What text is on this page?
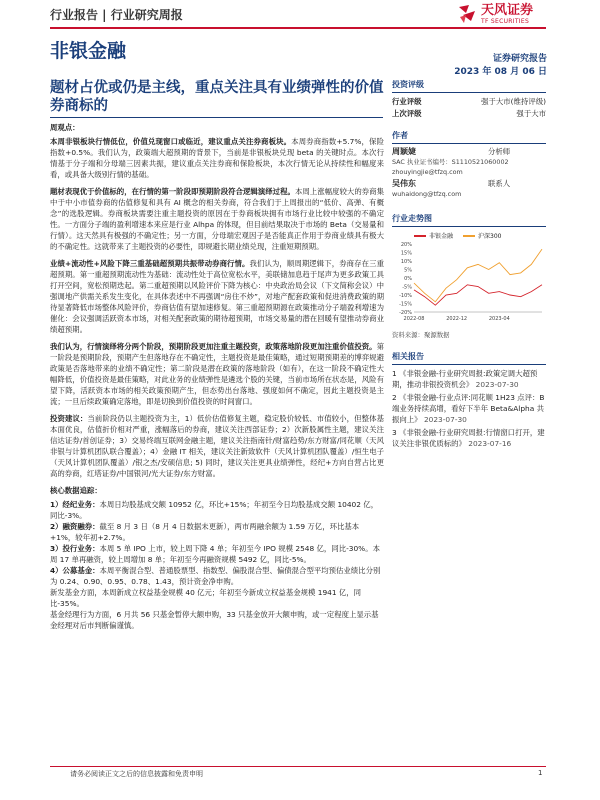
行业报告 | 行业研究周报	天风证券
TF SECURITIES
非银金融	证券研究报告
2023 年 08 月 06 日
题材占优或仍是主线，重点关注具有业绩弹性的价值券商标的

周观点：

本周非银板块行情低位，价值兑现窗口或临近，建议重点关注券商板块。本周券商指数+5.7%，保险指数+0.5%。我们认为，政策端大超预期的背景下，当前是非银板块兑现 beta 的关键时点。本次行情基于分子端和分母端三因素共振，建议重点关注券商和保险板块，本次行情无论从持续性和幅度来看，或具备大级别行情的基础。

题材表现优于价值标的，在行情的第一阶段即预期阶段符合逻辑演绎过程。本周上涨幅度较大的券商集中于中小市值券商的估值修复和具有 AI 概念的相关券商，符合我们于上周报出的“低价、高弹、有概念”的选股逻辑。券商板块需要注重主题投资的原因在于券商板块拥有市场行业比较中较强的不确定性。一方面分子端的盈利增速本来应是行业 Alhpa 的体现，但目前结果取决于市场的 Beta（交易量和行情）。这天然具有极强的不确定性；另一方面，分母端宏观因子是否能真正作用于券商业绩具有极大的不确定性。这就带来了主题投资的必要性，即规避长期业绩兑现，注重短期预期。

业绩+流动性+风险下降三重基础超预期共振带动券商行情。我们认为，顺周期逻辑下，券商存在三重超预期。第一重超预期流动性为基础：流动性处于高位宽松水平，美联储加息趋于尾声为更多政策工具打开空间，宽松预期迭起。第二重超预期以风险评价下降为核心：中央政治局会议（下文简称会议）中强调地产供需关系发生变化，在具体表述中不再强调“房住不炒”，对地产配套政策和促进消费政策的期待显著降低市场整体风险评价，券商估值有望加速修复。第三重超预期源在政策推动分子端盈利增速为催化：会议强调活跃资本市场，对相关配套政策的期待超预期，市场交易量的潜在回暖有望推动券商业绩超预期。

我们认为，行情演绎将分两个阶段，预期阶段更加注重主题投资，政策落地阶段更加注重价值投资。第一阶段是预期阶段，预期产生但落地存在不确定性，主题投资是最佳策略，通过短期预期差的博弈规避政策是否落地带来的业绩不确定性；第二阶段是潜在政策的落地阶段（如有），在这一阶段不确定性大幅降低，价值投资是最佳策略，对此业务的业绩弹性是遴选个股的关键，当前市场所在状态是，风险有望下降，活跃资本市场的相关政策预期产生，但态势出台落地、强度如何不确定，因此主题投资是主流；一旦后续政策确定落地，即是切换到价值投资的时间窗口。

投资建议：当前阶段仍以主题投资为主，1）低价估值修复主题，稳定股价较低、市值较小，但整体基本面优良，估值折价相对严重，涨幅落后的券商，建议关注西部证券；2）次新股属性主题，建议关注信达证券/首创证券；3）交易终端互联网金融主题，建议关注指南针/财富趋势/东方财富/同花顺（天风非银与计算机团队联合覆盖）；4）金融 IT 相关，建议关注新致软件（天风计算机团队覆盖）/恒生电子（天风计算机团队覆盖）/银之杰/安硕信息; 5) 同时，建议关注更具业绩弹性，经纪+方向自营占比更高的券商，红塔证券/中国银河/光大证券/东方财富。

核心数据追踪：

1）经纪业务：本周日均股基成交额 10952 亿，环比+15%；年初至今日均股基成交额 10402 亿，同比-3%。
2）融资融券：截至 8 月 3 日（8 月 4 日数据未更新），两市两融余额为 1.59 万亿，环比基本+1%，较年初+2.7%。
3）投行业务：本周 5 单 IPO 上市，较上周下降 4 单；年初至今 IPO 规模 2548 亿，同比-30%。本周 17 单再融资，较上周增加 8 单；年初至今再融资规模 5492 亿，同比-5%。
4）公募基金：本周平衡混合型、普通股票型、指数型、偏股混合型、偏债混合型平均预估业绩比分别为 0.24、0.90、0.95、0.78、1.43，预计资金净申购。
新发基金方面，本周新成立权益基金规模 40 亿元；年初至今新成立权益基金规模 1941 亿，同比-35%。
基金经理行为方面，6 月共 56 只基金暂停大额申购，33 只基金放开大额申购，或一定程度上显示基金经理对后市判断偏谨慎。
投资评级
行业评级	强于大市(维持评级)
上次评级	强于大市
作者
周颖婕	分析师
SAC 执业证书编号：S1110521060002
zhouyingjie@tfzq.com
吴伟东	联系人
wuhaidong@tfzq.com
行业走势图
非银金融	沪深300
20%
15%
10%
5%
0%
-5%
-10%
-15%
-20%
2022-08	2022-12	2023-04
资料来源：聚源数据
相关报告
1 《非银金融-行业研究周报:政策定调大超预期，推动非银投资机会》 2023-07-30
2 《非银金融-行业点评:同花顺 1H23 点评：B 端业务持续高增，看好下半年 Beta&Alpha 共振向上》 2023-07-30
3 《非银金融-行业研究周报:行情窗口打开，建议关注非银优质标的》 2023-07-16
请务必阅读正文之后的信息披露和免责申明	1
